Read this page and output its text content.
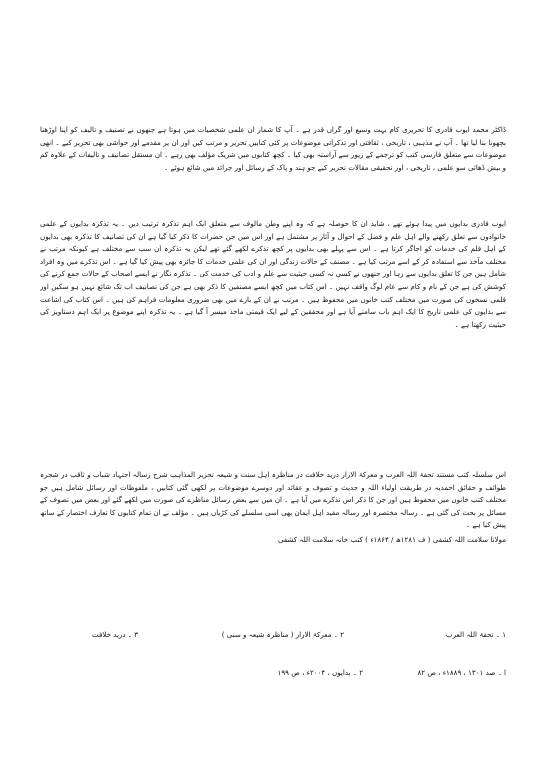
ڈاکٹر محمد ایوب قادری کا تحریری کام بہت وسیع اور گراں قدر ہے ۔ آپ کا شمار ان علمی شخصیات میں ہوتا ہے جنھوں نے تصنیف و تالیف کو اپنا اوڑھنا بچھونا بنا لیا تھا ۔ آپ نے مذہبی ، تاریخی ، ثقافتی اور تذکراتی موضوعات پر کئی کتابیں تحریر و مرتب کیں اور ان پر مقدمے اور حواشی بھی تحریر کیے ۔ انھی موضوعات سے متعلق فارسی کتب کو ترجمے کے زیور سے آراستہ بھی کیا ۔ کچھ کتابوں میں شریک مؤلف بھی رہے ۔ ان مستقل تصانیف و تالیفات کے علاوہ کم و بیش ڈھائی سو علمی ، تاریخی ، اور تحقیقی مقالات تحریر کیے جو ہند و پاک کے رسائل اور جرائد میں شائع ہوئے ۔
ایوب قادری بدایوں میں پیدا ہوئے تھے ، شاید ان کا حوصلہ ہے کہ وہ اپنے وطن مالوف سے متعلق ایک اہم تذکرہ ترتیب دیں ۔ یہ تذکرہ بدایوں کے علمی خانوادوں سے تعلق رکھنے والے اہل علم و فضل کے احوال و آثار پر مشتمل ہے اور اس میں جن حضرات کا ذکر کیا گیا ہے ان کی تصانیف کا تذکرہ بھی بدایوں کے اہل قلم کی خدمات کو اجاگر کرتا ہے ۔ اس سے پہلے بھی بدایوں پر کچھ تذکرے لکھے گئے تھے لیکن یہ تذکرہ ان سب سے مختلف ہے کیونکہ مرتب نے مختلف مآخذ سے استفادہ کر کے اسے مرتب کیا ہے ۔ مصنف کے حالات زندگی اور ان کی علمی خدمات کا جائزہ بھی پیش کیا گیا ہے ۔ اس تذکرے میں وہ افراد شامل ہیں جن کا تعلق بدایوں سے رہا اور جنھوں نے کسی نہ کسی حیثیت سے علم و ادب کی خدمت کی ۔ تذکرہ نگار نے ایسے اصحاب کے حالات جمع کرنے کی کوشش کی ہے جن کے نام و کام سے عام لوگ واقف نہیں ۔ اس کتاب میں کچھ ایسے مصنفین کا ذکر بھی ہے جن کی تصانیف اب تک شائع نہیں ہو سکیں اور قلمی نسخوں کی صورت میں مختلف کتب خانوں میں محفوظ ہیں ۔ مرتب نے ان کے بارے میں بھی ضروری معلومات فراہم کی ہیں ۔ اس کتاب کی اشاعت سے بدایوں کی علمی تاریخ کا ایک اہم باب سامنے آیا ہے اور محققین کے لیے ایک قیمتی ماخذ میسر آ گیا ہے ۔ یہ تذکرہ اپنے موضوع پر ایک اہم دستاویز کی حیثیت رکھتا ہے ۔

اس سلسلہ کتب مستند تحفۃ اللہ العرب و معرکۃ الارار درید خلافت در مناظرہ اہل سنت و شیعہ تحریر المذاہب شرح رسالہ اجتہاد شباب و ثاقب در شجرہ طوائف و حقائق احمدیہ در طریقت اولیاء اللہ و حدیث و تصوف و عقائد اور دوسرے موضوعات پر لکھی گئی کتابیں ، ملفوظات اور رسائل شامل ہیں جو مختلف کتب خانوں میں محفوظ ہیں اور جن کا ذکر اس تذکرے میں آیا ہے ۔ ان میں سے بعض رسائل مناظرے کی صورت میں لکھے گئے اور بعض میں تصوف کے مسائل پر بحث کی گئی ہے ۔ رسالہ مختصرہ اور رسالہ مفید اہل ایمان بھی اسی سلسلے کی کڑیاں ہیں ۔ مؤلف نے ان تمام کتابوں کا تعارف اختصار کے ساتھ پیش کیا ہے ۔

مولانا سلامت اللہ کشفی ( ف ۱۲۸۱ھ / ۱۸۶۴ء ) کتب خانہ سلامت اللہ کشفی
۱ ۔ تحفۃ اللہ العرب
۲ ۔ معرکۃ الارار ( مناظرہ شیعہ و سنی )
۳ ۔ درید خلافت
ا ۔ صد ۱۳۰۱ ، ۱۸۸۹ء ، ص ۸۲
۲ ۔ بدایوں ، ۲۰۰۴ء ، ص ۱۹۹
